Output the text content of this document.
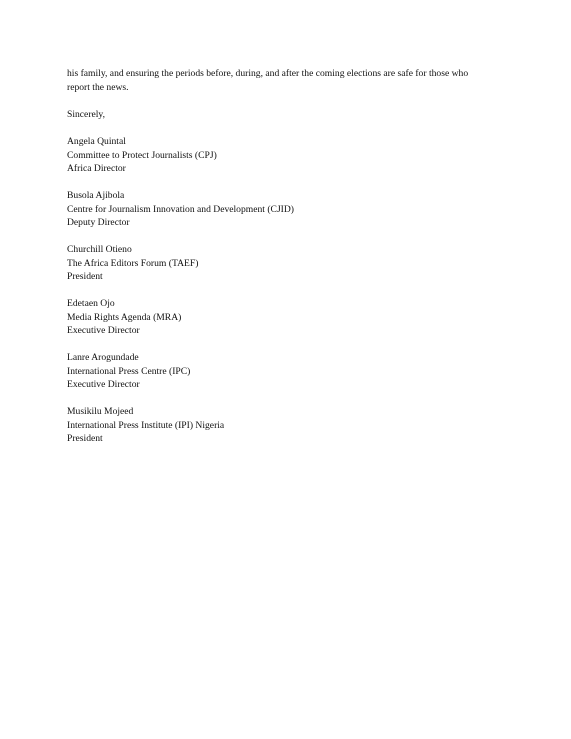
his family, and ensuring the periods before, during, and after the coming elections are safe for those who
report the news.

Sincerely,

Angela Quintal
Committee to Protect Journalists (CPJ)
Africa Director
Busola Ajibola
Centre for Journalism Innovation and Development (CJID)
Deputy Director
Churchill Otieno
The Africa Editors Forum (TAEF)
President
Edetaen Ojo
Media Rights Agenda (MRA)
Executive Director
Lanre Arogundade
International Press Centre (IPC)
Executive Director
Musikilu Mojeed
International Press Institute (IPI) Nigeria
President
